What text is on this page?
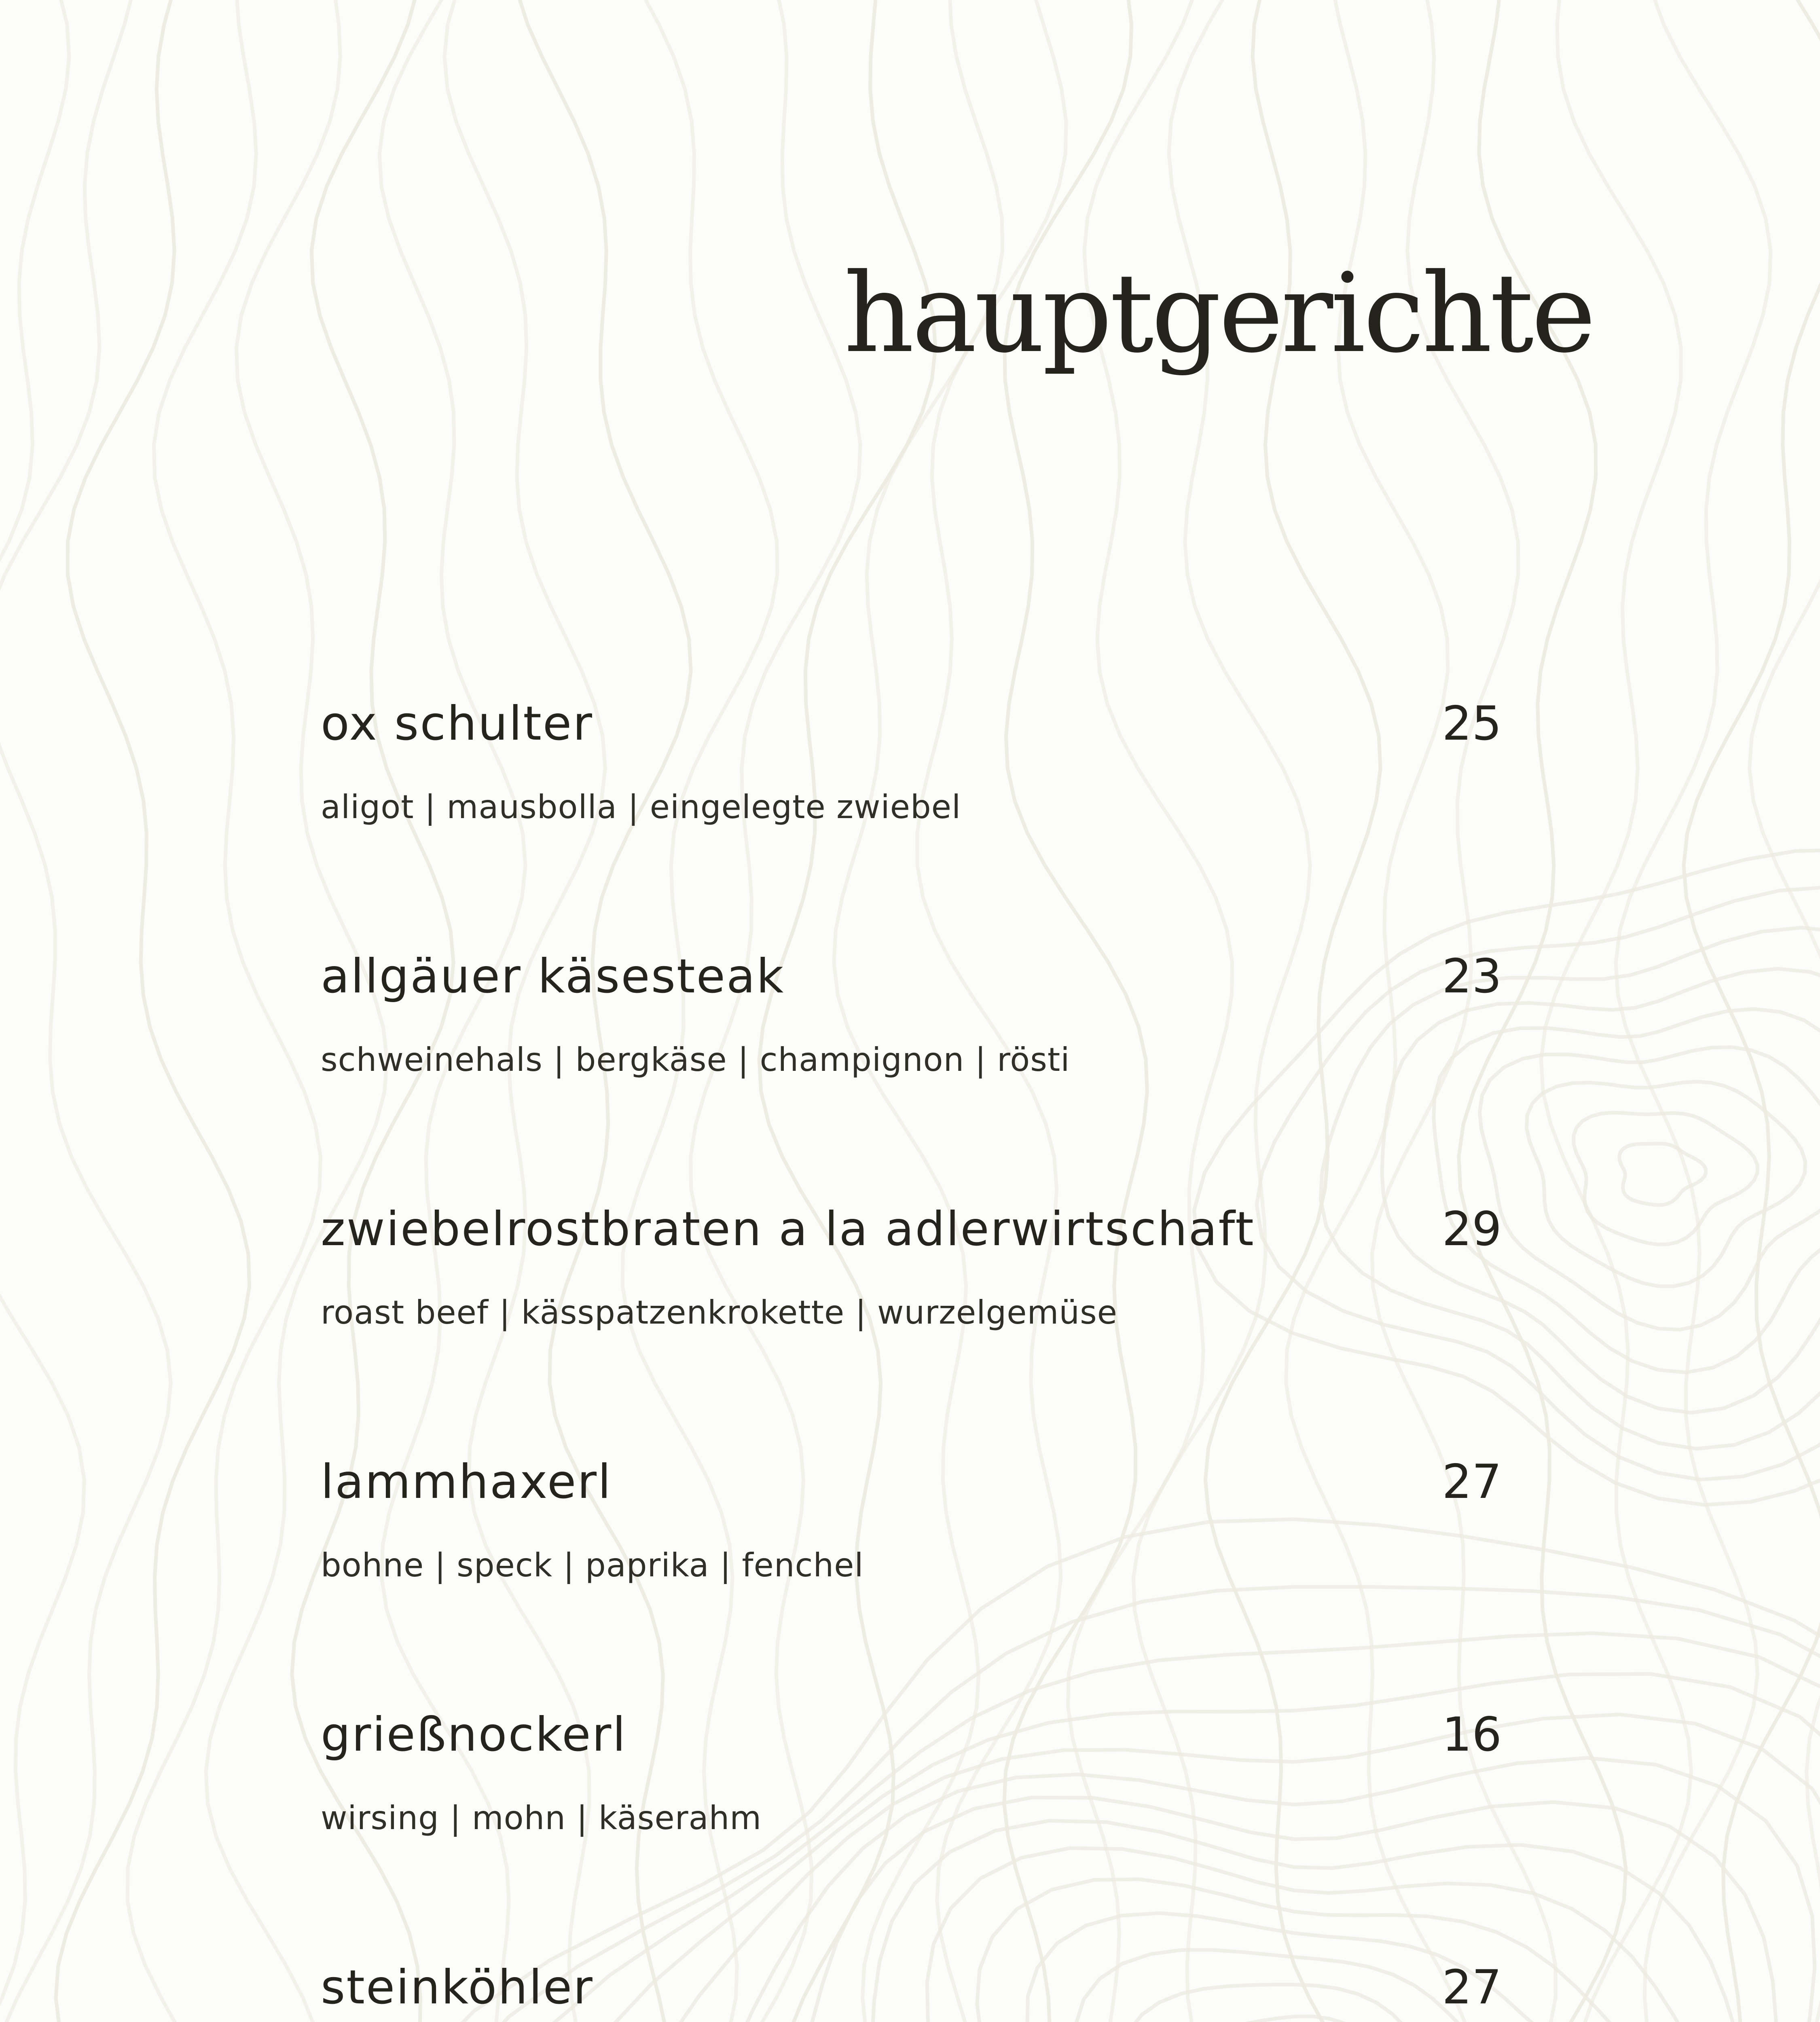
hauptgerichte
ox schulter	25
aligot | mausbolla | eingelegte zwiebel
allgäuer käsesteak	23
schweinehals | bergkäse | champignon | rösti
zwiebelrostbraten a la adlerwirtschaft	29
roast beef | kässpatzenkrokette | wurzelgemüse
lammhaxerl	27
bohne | speck | paprika | fenchel
grießnockerl	16
wirsing | mohn | käserahm
steinköhler	27
